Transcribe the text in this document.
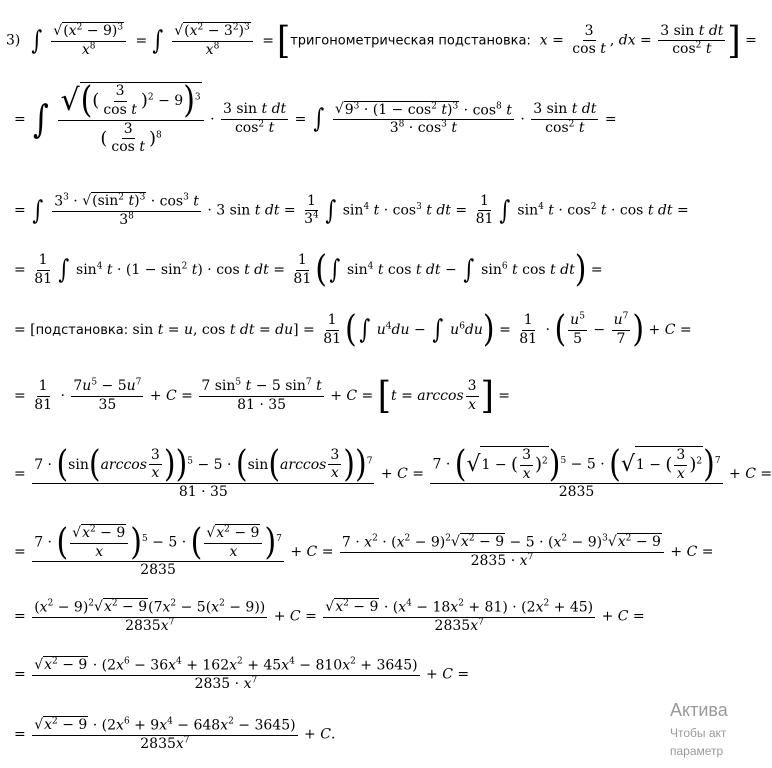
3) ∫ $\frac{√(x^2 - 9)^3}{x^8}$ = ∫ $\frac{√(x^2 - 3^2)^3}{x^8}$ =[тригонометрическая подстановка: $x = \frac{3}{\text{cos t}}$ , dx = $\frac{\text{3 sin t dt}}{\cos^2 t}$ ] =
= ∫ $\frac{√(( \frac{3}{\text{cos t}} )^2 - 9)^3}{( \frac{3}{\text{cos t}} )^8} \cdot \frac{\text{3 sin t dt}}{\cos^2 t}$ = ∫ $\frac{√9^3 \cdot (1 - \cos^2 t)^3 \cdot \cos^8 t}{3^8 \cdot \cos^3 t} \cdot \frac{\text{3 sin t dt}}{\cos^2 t}$ =
= ∫ $\frac{3^3 \cdot √(\sin^2 t)^3 \cdot \cos^3 t}{3^8} \cdot 3$ sin t dt = $\frac{1}{3^4}$ ∫ $\sin^4 t \cdot \cos^3 t$ dt = $\frac{1}{81}$ ∫ $\sin^4 t \cdot \cos^2 t \cdot \cos t$ dt =
= $\frac{1}{81}$ ∫ $\sin^4 t \cdot (1 - \sin^2 t) \cdot \cos t$ dt = $\frac{1}{81}$ (∫ $\sin^4 t$ cos t dt − ∫ $\sin^6 t$ cos t dt) =
= [подстановка: sin t = u, cos t dt = $du] = \frac{1}{81}$ (∫ $u^4du$ − ∫ $u^6du) = \frac{1}{81}$ · ( $\frac{u^5}{5} - \frac{u^7}{7}$ ) + C =
= $\frac{1}{81} \cdot \frac{7u^5 - 5u^7}{35} + C = \frac{7 \sin^5 t - 5 \sin^7 t}{81 \cdot 35} + C = [t = \arccos \frac{3}{x}$ ] =
= $\frac{7 \cdot (\sin(\arccos \frac{3}{x} ))^5 - 5 \cdot (\sin(\arccos \frac{3}{x} ))^7}{81 \cdot 35} + C = \frac{7 \cdot (√1 - ( \frac{3}{x} )^2)^5 - 5 \cdot (√1 - ( \frac{3}{x} )^2)^7}{2835} + C$ =
= $\frac{7 \cdot ( \frac{√x^2 - 9}{x} )^5 - 5 \cdot ( \frac{√x^2 - 9}{x} )^7}{2835} + C = \frac{7 \cdot x^2 \cdot (x^2 - 9)^2√x^2 - 9 - 5 \cdot (x^2 - 9)^3√x^2 - 9}{2835 \cdot x^7} + C$ =
= $\frac{(x^2 - 9)^2√x^2 - 9(7x^2 - 5(x^2 - 9))}{2835x^7} + C = \frac{√x^2 - 9 \cdot (x^4 - 18x^2 + 81) \cdot (2x^2 + 45)}{2835x^7} + C$ =
= $\frac{√x^2 - 9 \cdot (2x^6 - 36x^4 + 162x^2 + 45x^4 - 810x^2 + 3645)}{2835 \cdot x^7} + C$ =
= $\frac{√x^2 - 9 \cdot (2x^6 + 9x^4 - 648x^2 - 3645)}{2835x^7} + C$.
Актива
Чтобы акт
параметр
